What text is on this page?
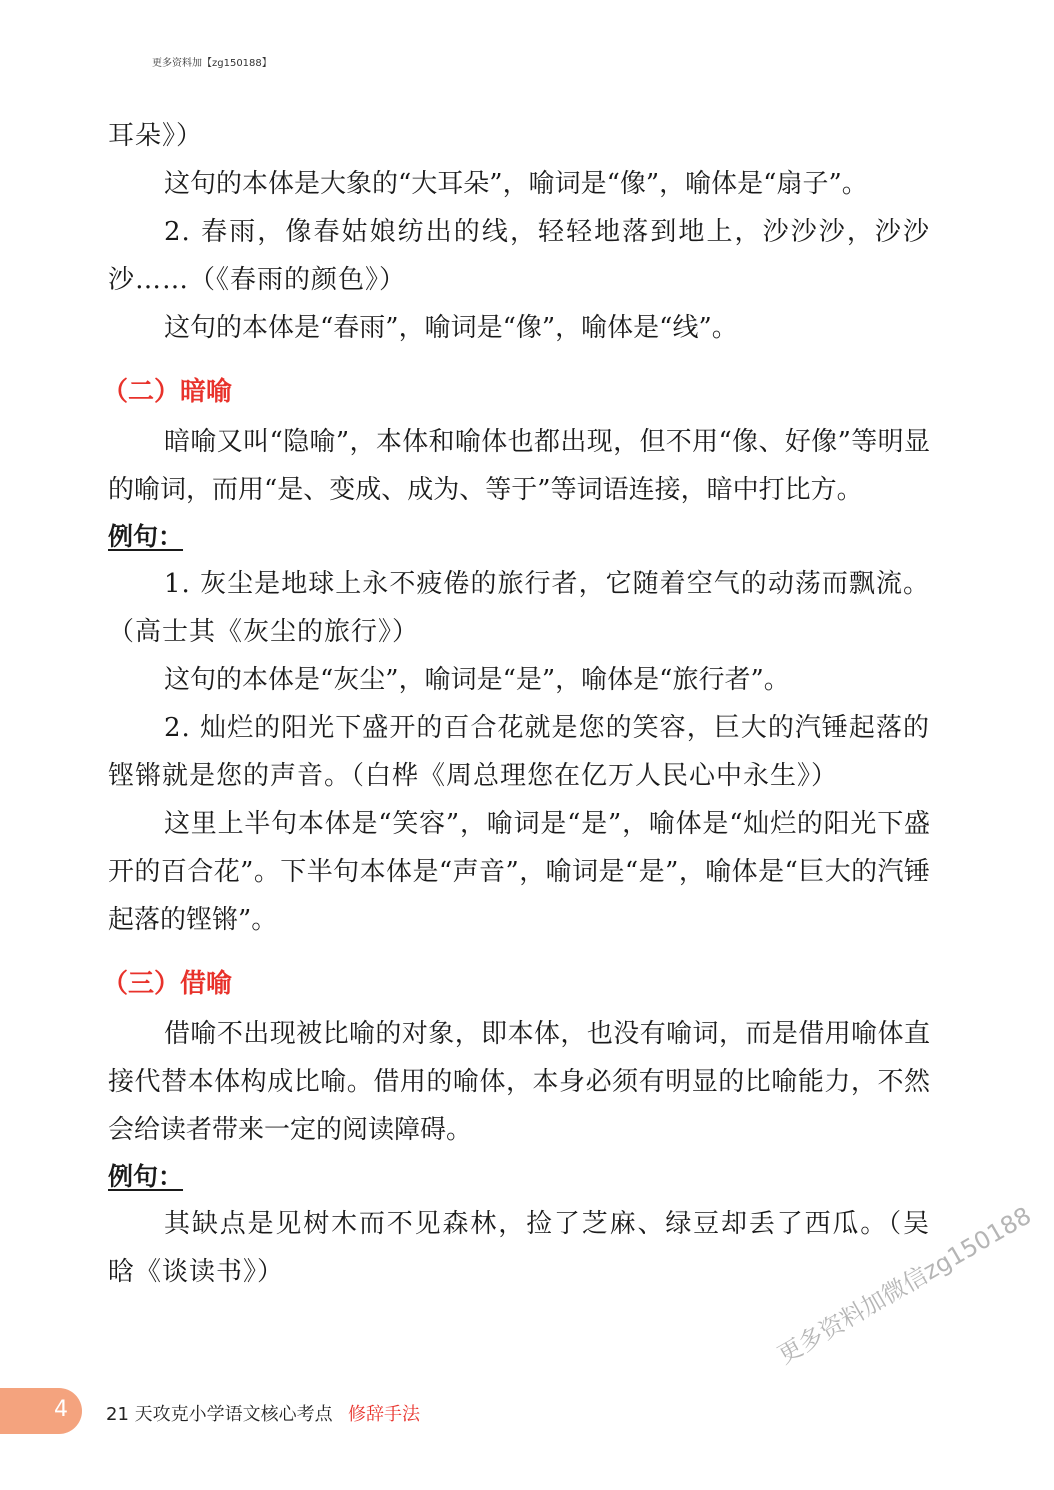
更多资料加【zg150188】

耳朵》）

这句的本体是大象的“大耳朵”，喻词是“像”，喻体是“扇子”。

2. 春雨，像春姑娘纺出的线，轻轻地落到地上，沙沙沙，沙沙沙……（《春雨的颜色》）

这句的本体是“春雨”，喻词是“像”，喻体是“线”。

（二）暗喻

暗喻又叫“隐喻”，本体和喻体也都出现，但不用“像、好像”等明显的喻词，而用“是、变成、成为、等于”等词语连接，暗中打比方。

例句：

1. 灰尘是地球上永不疲倦的旅行者，它随着空气的动荡而飘流。（高士其《灰尘的旅行》）

这句的本体是“灰尘”，喻词是“是”，喻体是“旅行者”。

2. 灿烂的阳光下盛开的百合花就是您的笑容，巨大的汽锤起落的铿锵就是您的声音。（白桦《周总理您在亿万人民心中永生》）

这里上半句本体是“笑容”，喻词是“是”，喻体是“灿烂的阳光下盛开的百合花”。下半句本体是“声音”，喻词是“是”，喻体是“巨大的汽锤起落的铿锵”。

（三）借喻

借喻不出现被比喻的对象，即本体，也没有喻词，而是借用喻体直接代替本体构成比喻。借用的喻体，本身必须有明显的比喻能力，不然会给读者带来一定的阅读障碍。

例句：

其缺点是见树木而不见森林，捡了芝麻、绿豆却丢了西瓜。（吴晗《谈读书》）

4 21 天攻克小学语文核心考点 修辞手法
更多资料加微信zg150188
